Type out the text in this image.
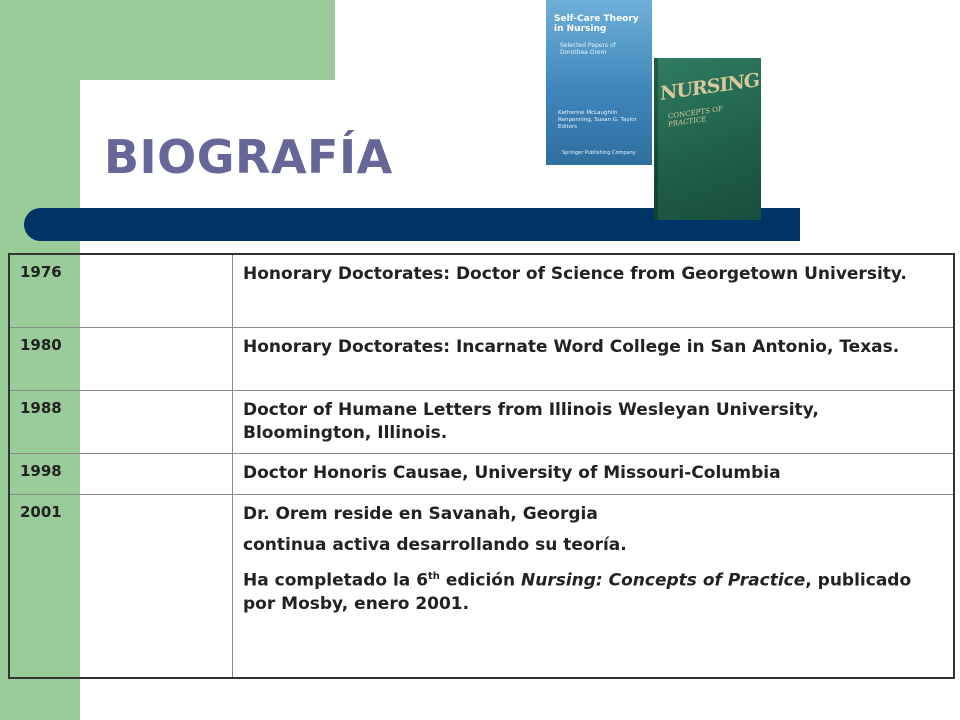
BIOGRAFÍA
Self-Care Theory in Nursing
Selected Papers of Dorothea Orem
Katherine McLaughlin Renpenning, Susan G. Taylor
Editors
Springer Publishing Company
NURSING
CONCEPTS OF PRACTICE
1976	Honorary Doctorates: Doctor of Science from Georgetown University.
1980	Honorary Doctorates: Incarnate Word College in San Antonio, Texas.
1988	Doctor of Humane Letters from Illinois Wesleyan University, Bloomington, Illinois.
1998	Doctor Honoris Causae, University of Missouri-Columbia
2001	Dr. Orem reside en Savanah, Georgia
continua activa desarrollando su teoría.
Ha completado la 6th edición Nursing: Concepts of Practice, publicado por Mosby, enero 2001.
